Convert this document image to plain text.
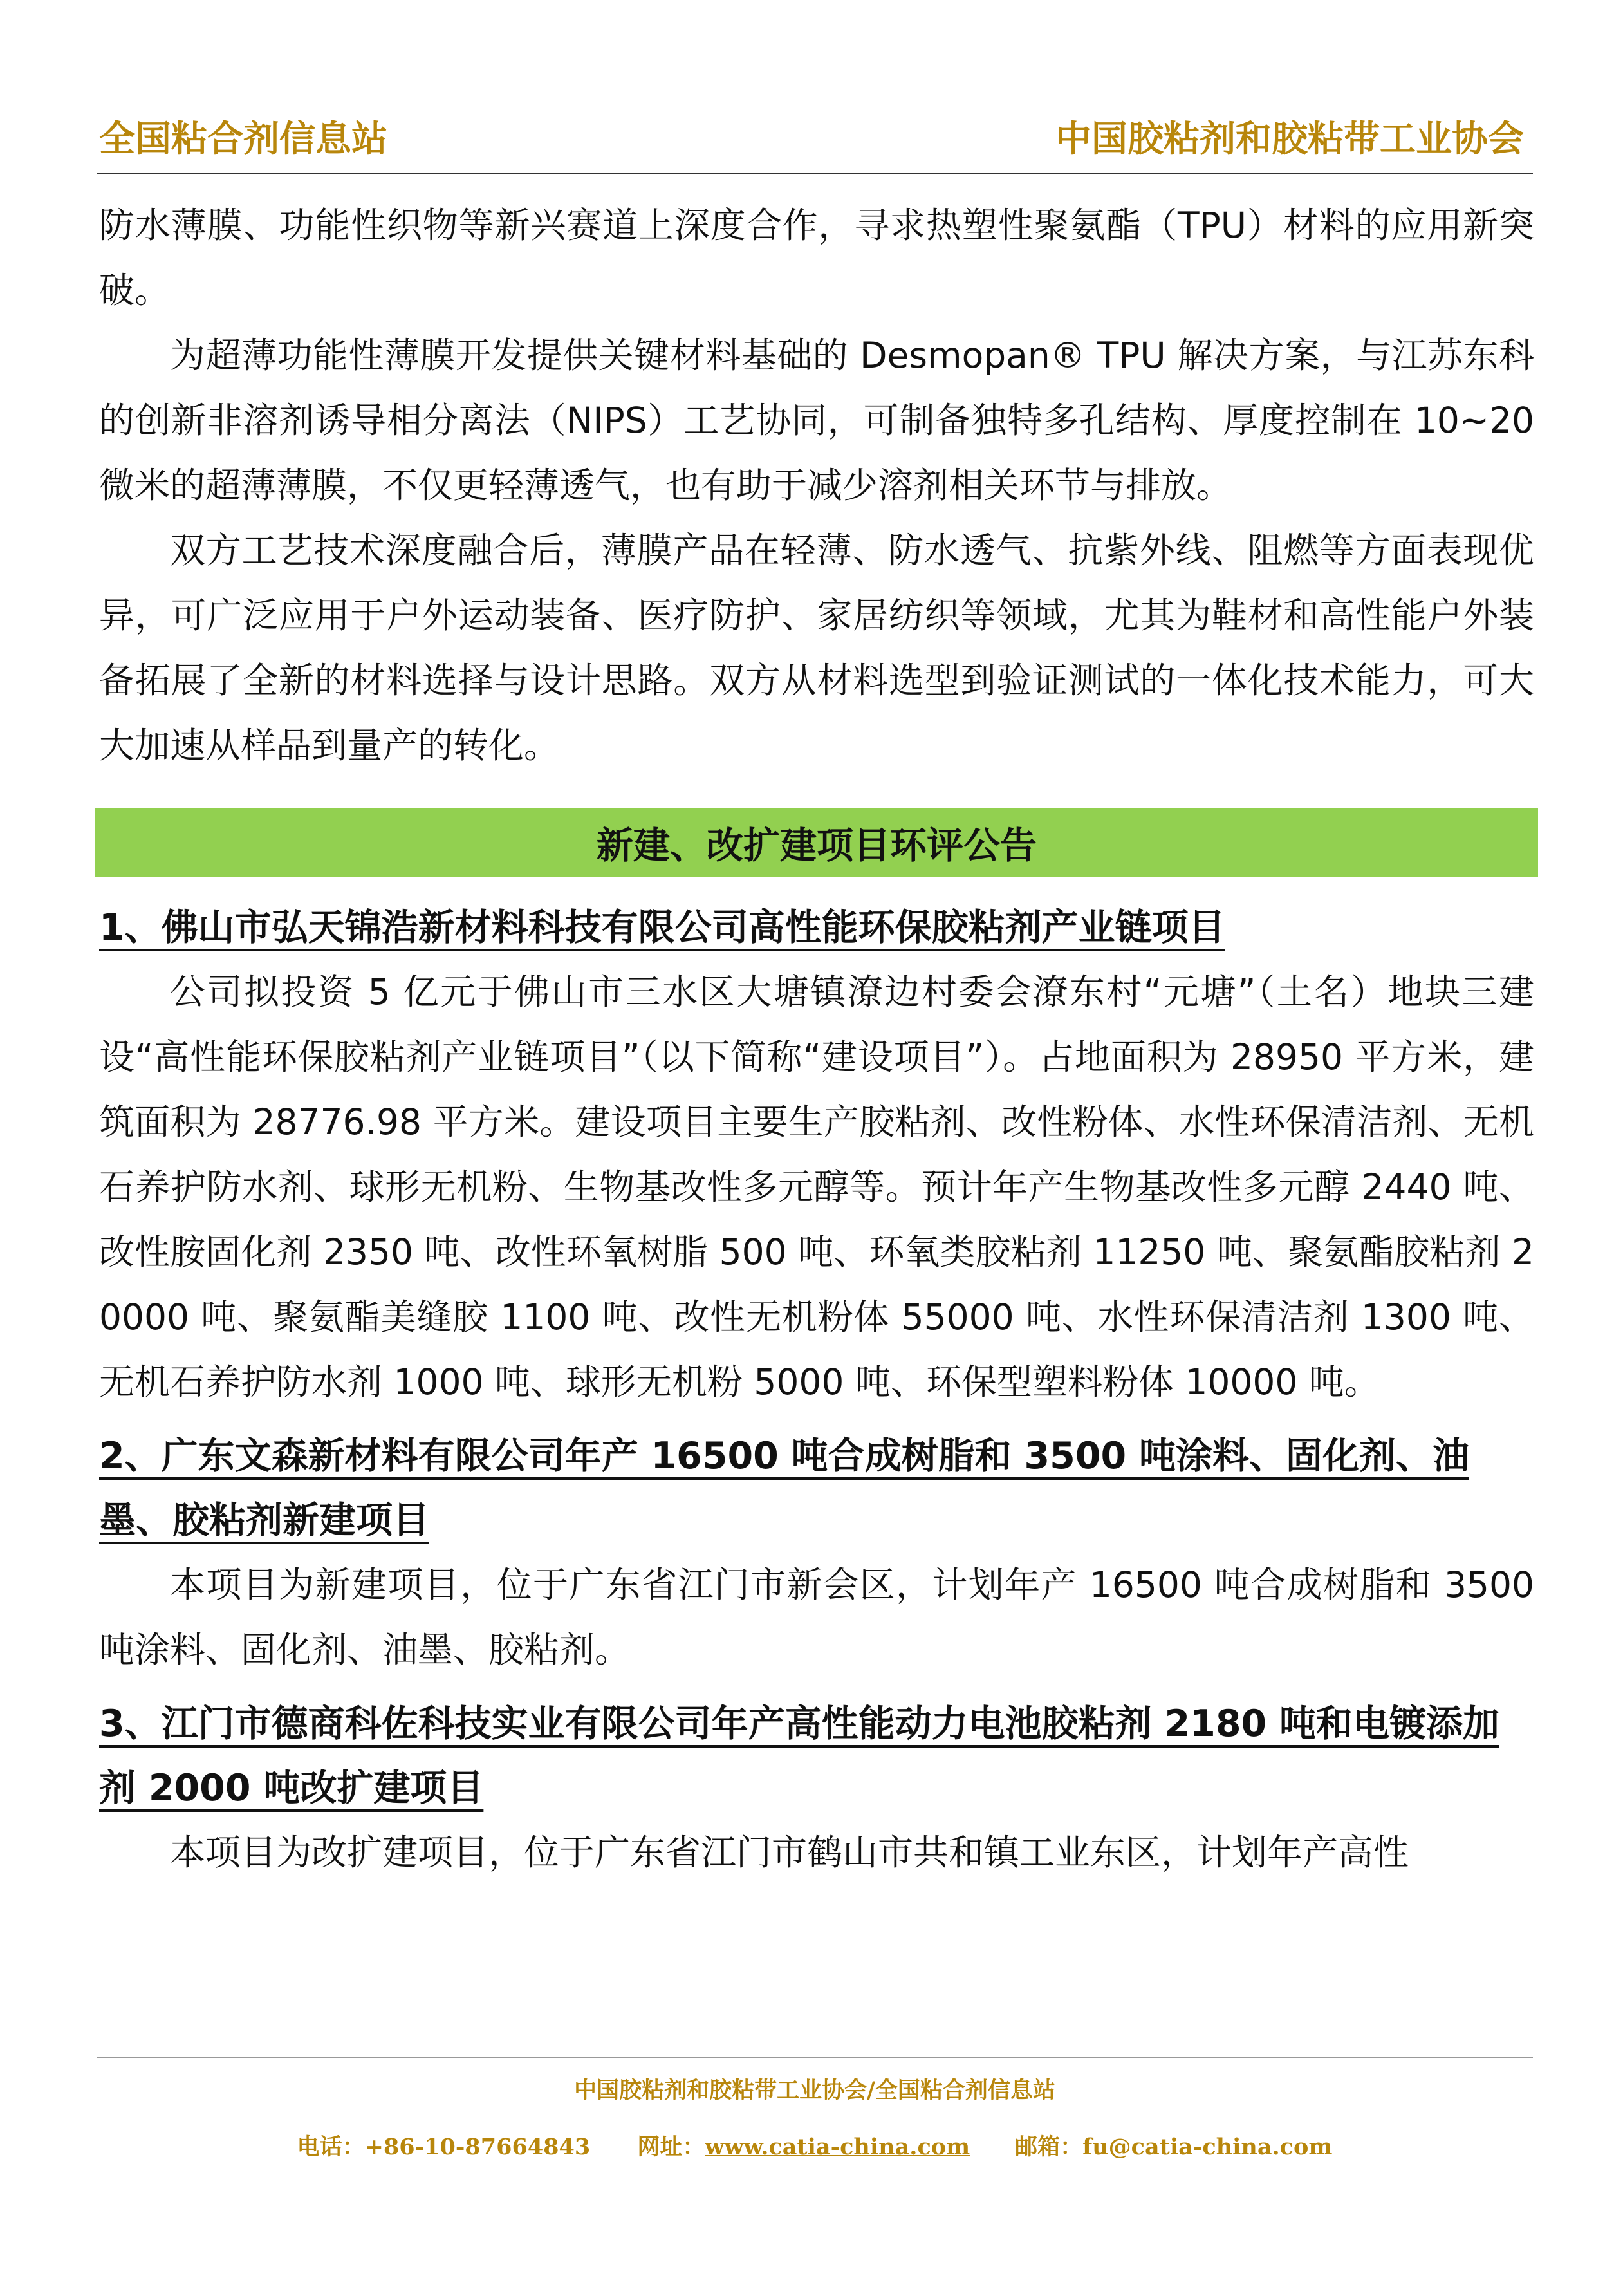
全国粘合剂信息站	中国胶粘剂和胶粘带工业协会

防水薄膜、功能性织物等新兴赛道上深度合作，寻求热塑性聚氨酯（TPU）材料的应用新突破。

为超薄功能性薄膜开发提供关键材料基础的 Desmopan® TPU 解决方案，与江苏东科的创新非溶剂诱导相分离法（NIPS）工艺协同，可制备独特多孔结构、厚度控制在 10~20 微米的超薄薄膜，不仅更轻薄透气，也有助于减少溶剂相关环节与排放。

双方工艺技术深度融合后，薄膜产品在轻薄、防水透气、抗紫外线、阻燃等方面表现优异，可广泛应用于户外运动装备、医疗防护、家居纺织等领域，尤其为鞋材和高性能户外装备拓展了全新的材料选择与设计思路。双方从材料选型到验证测试的一体化技术能力，可大大加速从样品到量产的转化。

新建、改扩建项目环评公告

1、佛山市弘天锦浩新材料科技有限公司高性能环保胶粘剂产业链项目

公司拟投资 5 亿元于佛山市三水区大塘镇潦边村委会潦东村“元塘”（土名）地块三建设“高性能环保胶粘剂产业链项目”（以下简称“建设项目”）。占地面积为 28950 平方米，建筑面积为 28776.98 平方米。建设项目主要生产胶粘剂、改性粉体、水性环保清洁剂、无机石养护防水剂、球形无机粉、生物基改性多元醇等。预计年产生物基改性多元醇 2440 吨、改性胺固化剂 2350 吨、改性环氧树脂 500 吨、环氧类胶粘剂 11250 吨、聚氨酯胶粘剂 20000 吨、聚氨酯美缝胶 1100 吨、改性无机粉体 55000 吨、水性环保清洁剂 1300 吨、无机石养护防水剂 1000 吨、球形无机粉 5000 吨、环保型塑料粉体 10000 吨。

2、广东文森新材料有限公司年产 16500 吨合成树脂和 3500 吨涂料、固化剂、油墨、胶粘剂新建项目

本项目为新建项目，位于广东省江门市新会区，计划年产 16500 吨合成树脂和 3500 吨涂料、固化剂、油墨、胶粘剂。

3、江门市德商科佐科技实业有限公司年产高性能动力电池胶粘剂 2180 吨和电镀添加剂 2000 吨改扩建项目

本项目为改扩建项目，位于广东省江门市鹤山市共和镇工业东区，计划年产高性

中国胶粘剂和胶粘带工业协会/全国粘合剂信息站
电话：+86-10-87664843 网址：www.catia-china.com 邮箱：fu@catia-china.com
